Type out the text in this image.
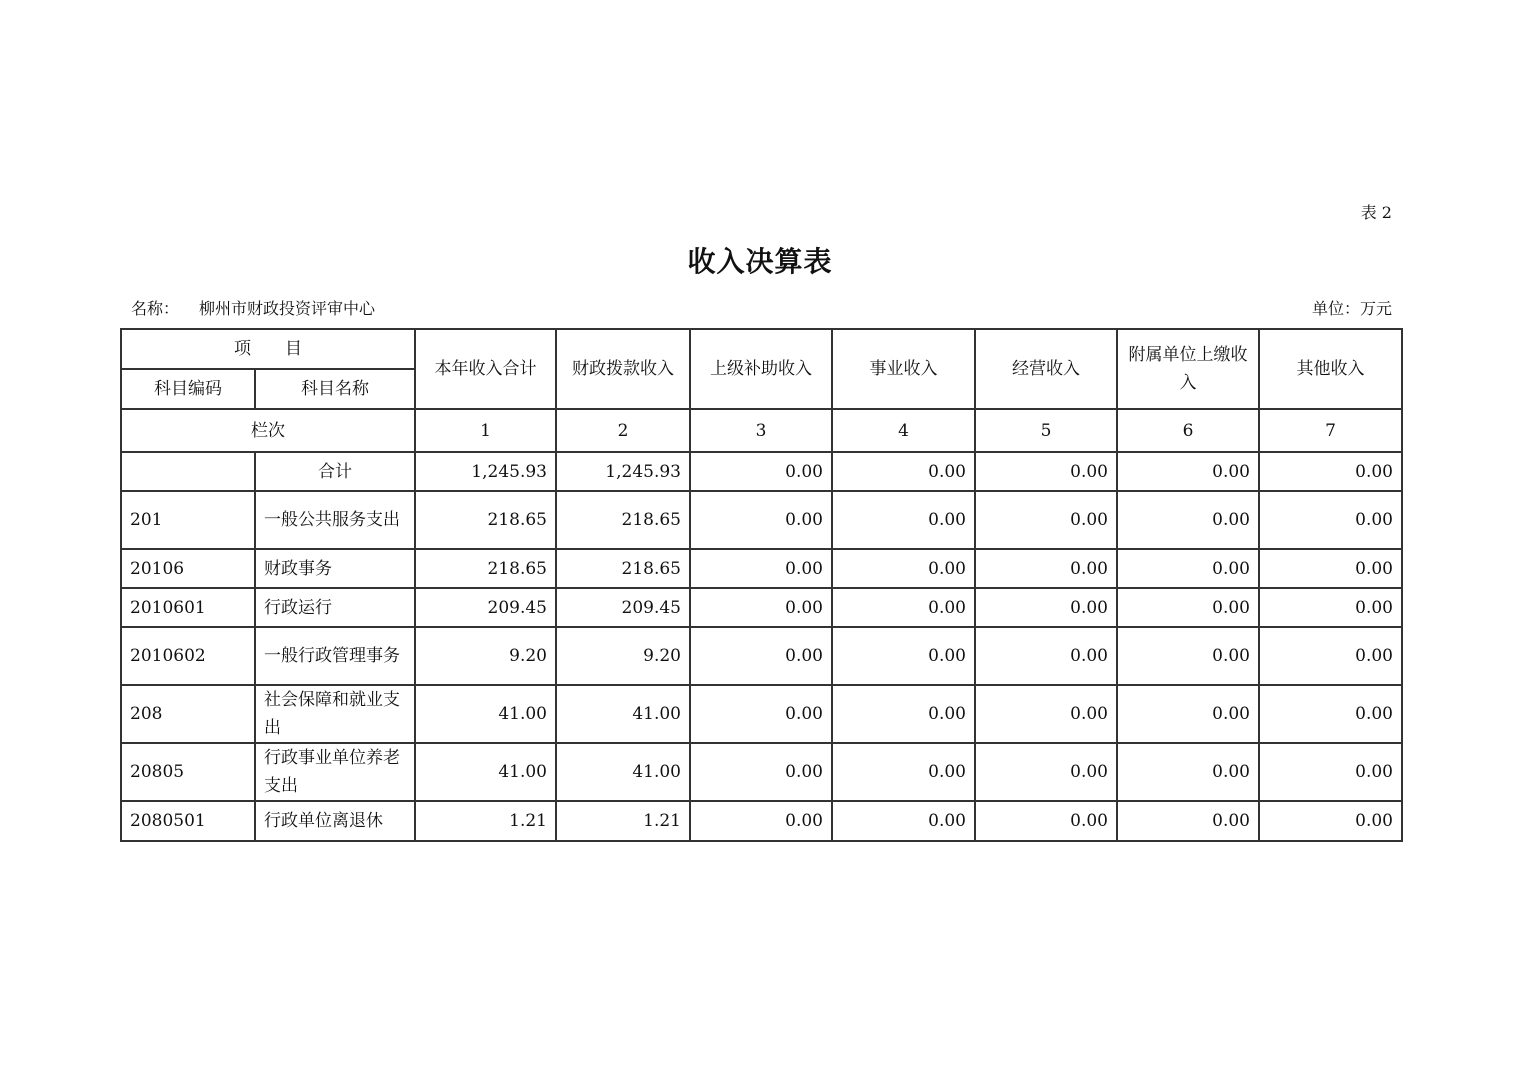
表 2
收入决算表
名称： 柳州市财政投资评审中心	单位：万元
项　　目		本年收入合计	财政拨款收入	上级补助收入	事业收入	经营收入	附属单位上缴收入	其他收入
科目编码	科目名称							
栏次		1	2	3	4	5	6	7
	合计	1,245.93	1,245.93	0.00	0.00	0.00	0.00	0.00
201	一般公共服务支出	218.65	218.65	0.00	0.00	0.00	0.00	0.00
20106	财政事务	218.65	218.65	0.00	0.00	0.00	0.00	0.00
2010601	行政运行	209.45	209.45	0.00	0.00	0.00	0.00	0.00
2010602	一般行政管理事务	9.20	9.20	0.00	0.00	0.00	0.00	0.00
208	社会保障和就业支出	41.00	41.00	0.00	0.00	0.00	0.00	0.00
20805	行政事业单位养老支出	41.00	41.00	0.00	0.00	0.00	0.00	0.00
2080501	行政单位离退休	1.21	1.21	0.00	0.00	0.00	0.00	0.00
